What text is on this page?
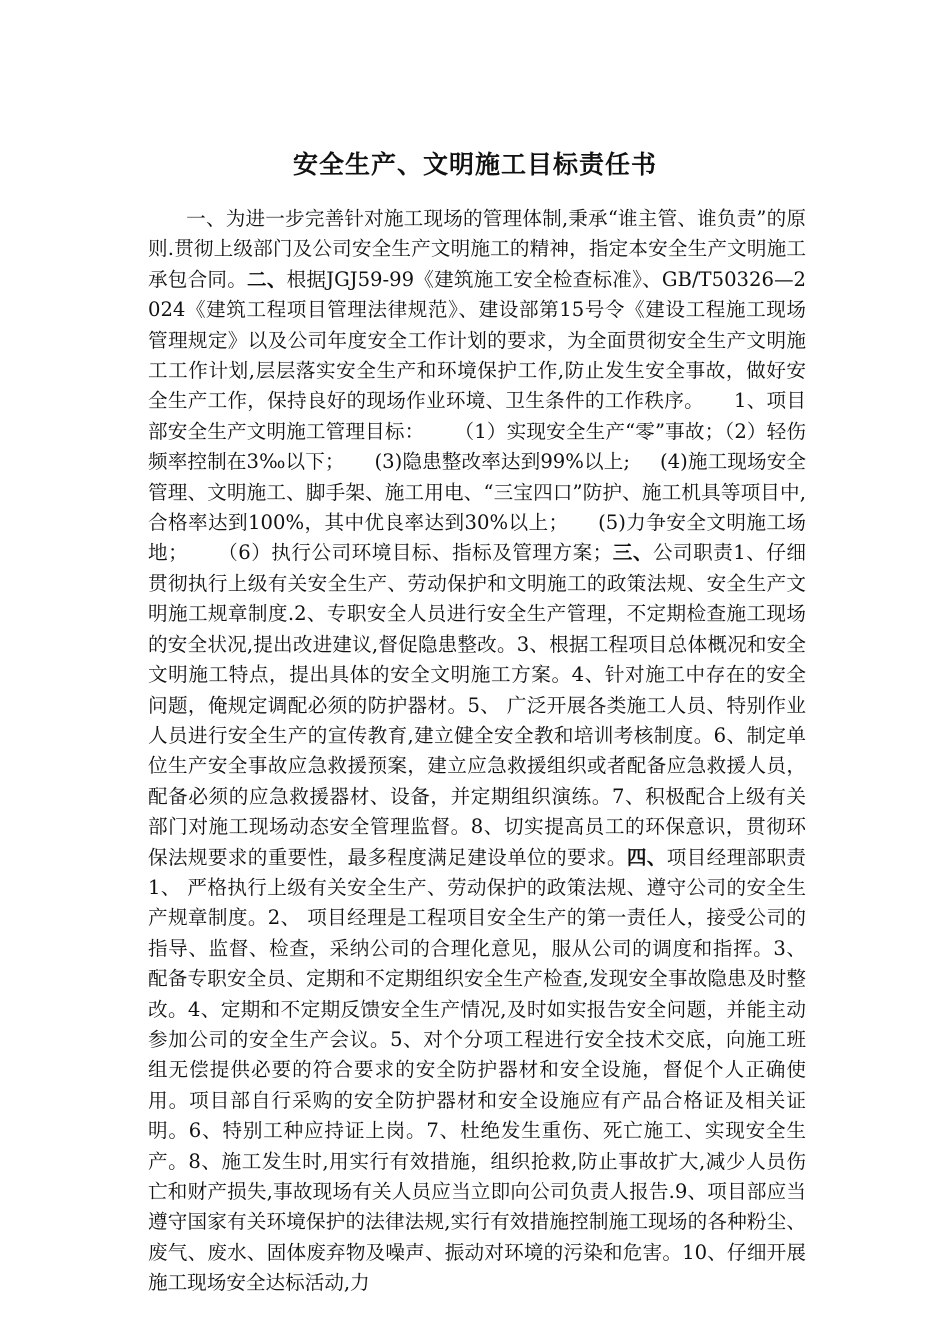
安全生产、文明施工目标责任书

一、为进一步完善针对施工现场的管理体制,秉承“谁主管、谁负责”的原则.贯彻上级部门及公司安全生产文明施工的精神，指定本安全生产文明施工承包合同。二、根据JGJ59-99《建筑施工安全检查标准》、GB/T50326—2024《建筑工程项目管理法律规范》、建设部第15号令《建设工程施工现场管理规定》以及公司年度安全工作计划的要求，为全面贯彻安全生产文明施工工作计划,层层落实安全生产和环境保护工作,防止发生安全事故，做好安全生产工作，保持良好的现场作业环境、卫生条件的工作秩序。 1、项目部安全生产文明施工管理目标： （1）实现安全生产“零”事故；（2）轻伤频率控制在3‰以下； (3)隐患整改率达到99%以上; (4)施工现场安全管理、文明施工、脚手架、施工用电、“三宝四口”防护、施工机具等项目中,合格率达到100%，其中优良率达到30%以上； (5)力争安全文明施工场地； （6）执行公司环境目标、指标及管理方案；三、公司职责1、仔细贯彻执行上级有关安全生产、劳动保护和文明施工的政策法规、安全生产文明施工规章制度.2、专职安全人员进行安全生产管理，不定期检查施工现场的安全状况,提出改进建议,督促隐患整改。3、根据工程项目总体概况和安全文明施工特点，提出具体的安全文明施工方案。4、针对施工中存在的安全问题，俺规定调配必须的防护器材。5、 广泛开展各类施工人员、特别作业人员进行安全生产的宣传教育,建立健全安全教和培训考核制度。6、制定单位生产安全事故应急救援预案，建立应急救援组织或者配备应急救援人员，配备必须的应急救援器材、设备，并定期组织演练。7、积极配合上级有关部门对施工现场动态安全管理监督。8、切实提高员工的环保意识，贯彻环保法规要求的重要性，最多程度满足建设单位的要求。四、项目经理部职责1、 严格执行上级有关安全生产、劳动保护的政策法规、遵守公司的安全生产规章制度。2、 项目经理是工程项目安全生产的第一责任人，接受公司的指导、监督、检查，采纳公司的合理化意见，服从公司的调度和指挥。3、配备专职安全员、定期和不定期组织安全生产检查,发现安全事故隐患及时整改。4、定期和不定期反馈安全生产情况,及时如实报告安全问题，并能主动参加公司的安全生产会议。5、对个分项工程进行安全技术交底，向施工班组无偿提供必要的符合要求的安全防护器材和安全设施，督促个人正确使用。项目部自行采购的安全防护器材和安全设施应有产品合格证及相关证明。6、特别工种应持证上岗。7、杜绝发生重伤、死亡施工、实现安全生产。8、施工发生时,用实行有效措施，组织抢救,防止事故扩大,减少人员伤亡和财产损失,事故现场有关人员应当立即向公司负责人报告.9、项目部应当遵守国家有关环境保护的法律法规,实行有效措施控制施工现场的各种粉尘、废气、废水、固体废弃物及噪声、振动对环境的污染和危害。10、仔细开展施工现场安全达标活动,力
